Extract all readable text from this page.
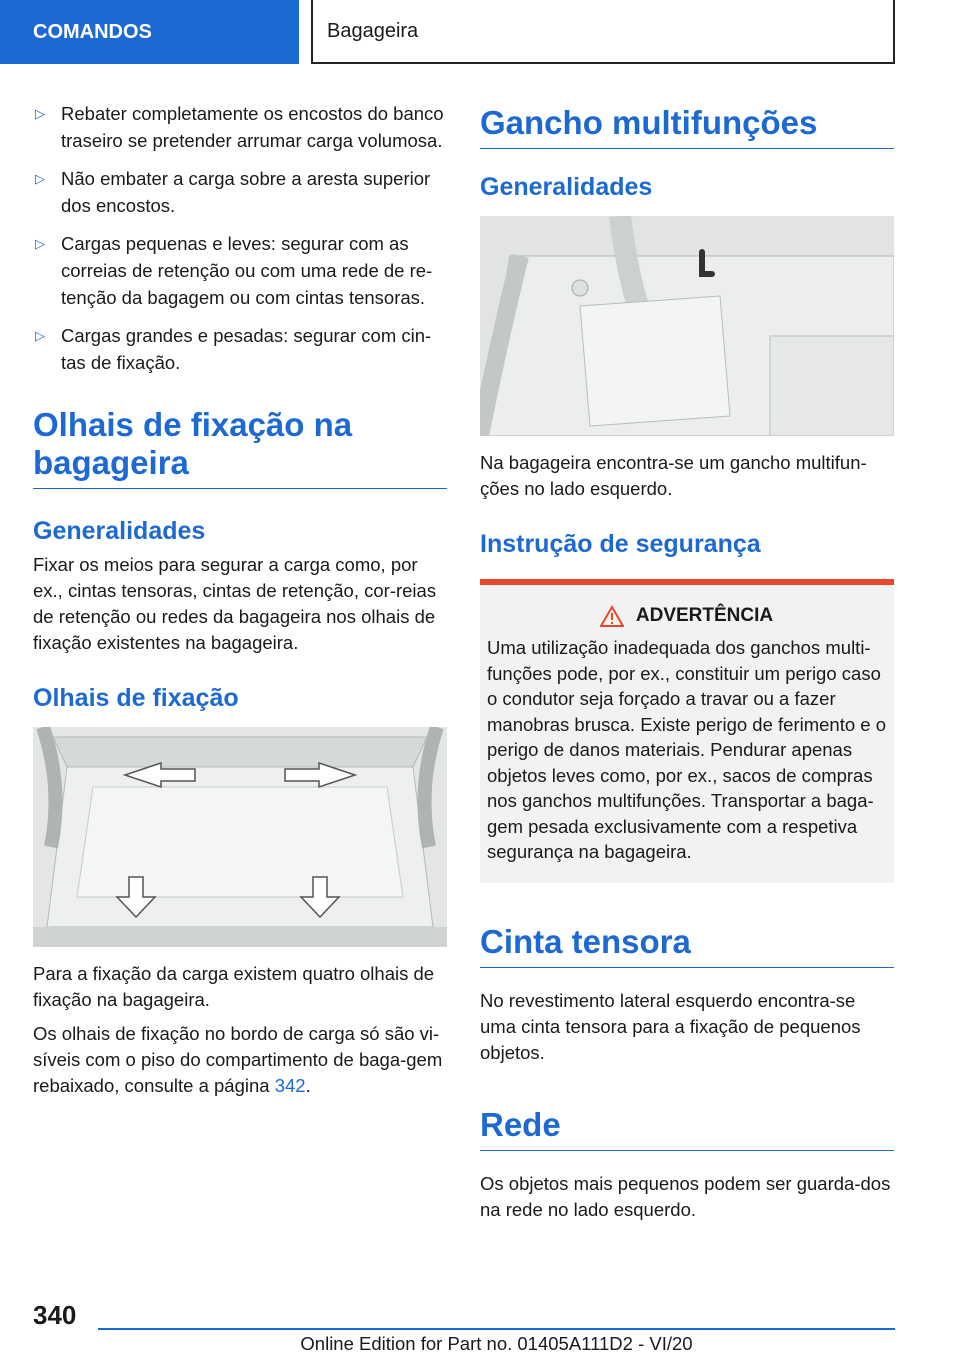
COMANDOS	Bagageira
▷ Rebater completamente os encostos do banco traseiro se pretender arrumar carga volumosa.
▷ Não embater a carga sobre a aresta superior dos encostos.
▷ Cargas pequenas e leves: segurar com as correias de retenção ou com uma rede de re-tenção da bagagem ou com cintas tensoras.
▷ Cargas grandes e pesadas: segurar com cin-tas de fixação.
Olhais de fixação na bagageira
Generalidades

Fixar os meios para segurar a carga como, por ex., cintas tensoras, cintas de retenção, cor-reias de retenção ou redes da bagageira nos olhais de fixação existentes na bagageira.

Olhais de fixação

Para a fixação da carga existem quatro olhais de fixação na bagageira.

Os olhais de fixação no bordo de carga só são vi-síveis com o piso do compartimento de baga-gem rebaixado, consulte a página 342.

Gancho multifunções
Generalidades

Na bagageira encontra-se um gancho multifun-ções no lado esquerdo.

Instrução de segurança
ADVERTÊNCIA

Uma utilização inadequada dos ganchos multi-funções pode, por ex., constituir um perigo caso o condutor seja forçado a travar ou a fazer manobras brusca. Existe perigo de ferimento e o perigo de danos materiais. Pendurar apenas objetos leves como, por ex., sacos de compras nos ganchos multifunções. Transportar a baga-gem pesada exclusivamente com a respetiva segurança na bagageira.

Cinta tensora

No revestimento lateral esquerdo encontra-se uma cinta tensora para a fixação de pequenos objetos.

Rede

Os objetos mais pequenos podem ser guarda-dos na rede no lado esquerdo.

340
Online Edition for Part no. 01405A111D2 - VI/20
